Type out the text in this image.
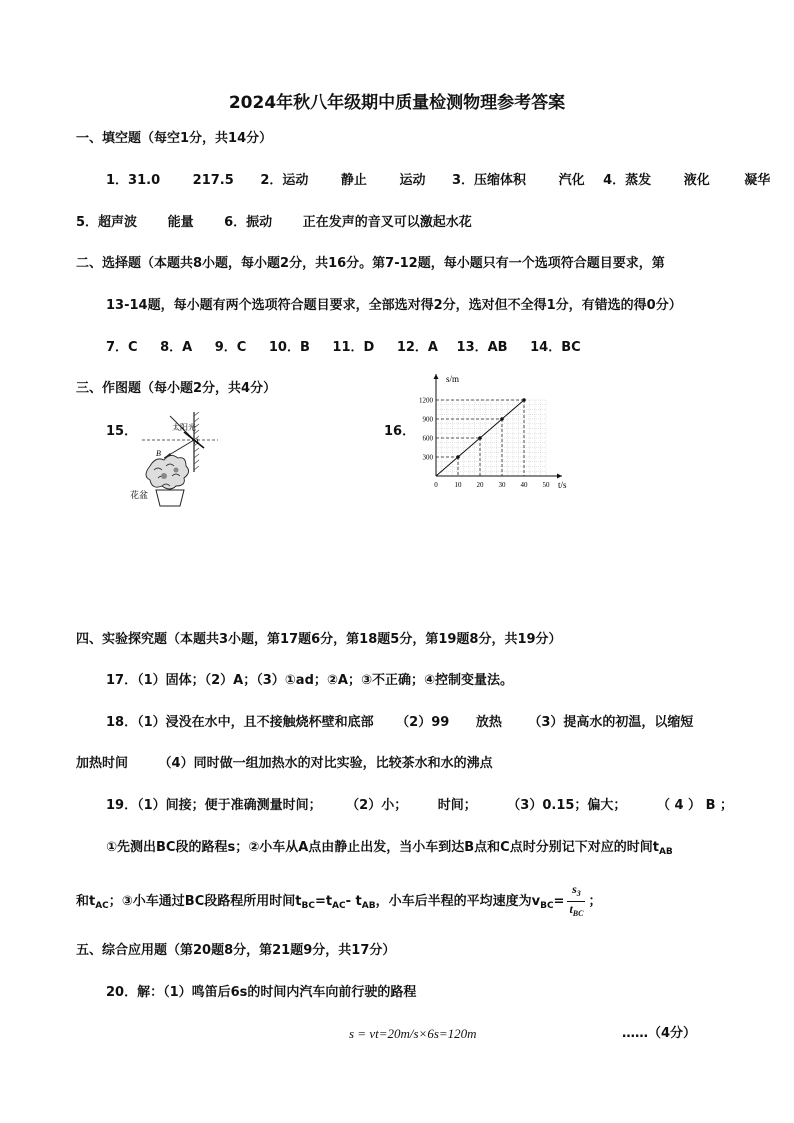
2024年秋八年级期中质量检测物理参考答案
一、填空题（每空1分，共14分）
1．31.0	217.5 2．运动	静止	运动 3．压缩体积	汽化 4．蒸发	液化	凝华
5．超声波 能量 6．振动 正在发声的音叉可以激起水花
二、选择题（本题共8小题，每小题2分，共16分。第7-12题，每小题只有一个选项符合题目要求，第
13-14题，每小题有两个选项符合题目要求，全部选对得2分，选对但不全得1分，有错选的得0分）
7．C 8．A 9．C 10．B 11．D 12．A 13．AB 14．BC
三、作图题（每小题2分，共4分）
15．	16．
太阳光
A
B
花盆
s/m
t/s
0 10 20 30 40 50
300
600
900
1200
四、实验探究题（本题共3小题，第17题6分，第18题5分，第19题8分，共19分）
17．（1）固体；（2）A；（3）①ad；②A；③不正确；④控制变量法。
18．（1）浸没在水中，且不接触烧杯壁和底部 （2）99 放热 （3）提高水的初温，以缩短
加热时间 （4）同时做一组加热水的对比实验，比较茶水和水的沸点
19．（1）间接；便于准确测量时间； （2）小； 时间； （3）0.15；偏大； （ 4 ） B ；
①先测出BC段的路程s；②小车从A点由静止出发，当小车到达B点和C点时分别记下对应的时间$t_{AB}$
和$t_{AC}$；③小车通过BC段路程所用时间$t_{BC}=t_{AC}-$ $t_{AB}$，小车后半程的平均速度为$v_{BC}= \frac{s_3}{t_{BC}}$ ；
五、综合应用题（第20题8分，第21题9分，共17分）
20．解：（1）鸣笛后6s的时间内汽车向前行驶的路程
s = vt=20m/s×6s=120m	……（4分）
